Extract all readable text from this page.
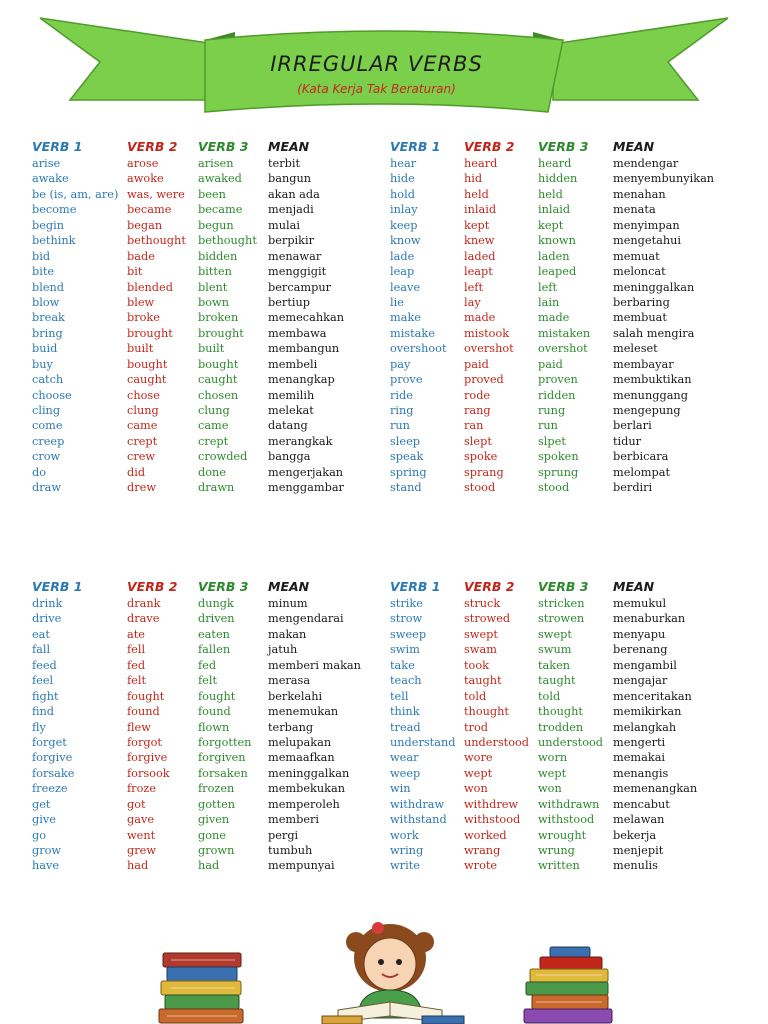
IRREGULAR VERBS
(Kata Kerja Tak Beraturan)
VERB 1
arise
awake
be (is, am, are)
become
begin
bethink
bid
bite
blend
blow
break
bring
buid
buy
catch
choose
cling
come
creep
crow
do
draw
VERB 2
arose
awoke
was, were
became
began
bethought
bade
bit
blended
blew
broke
brought
built
bought
caught
chose
clung
came
crept
crew
did
drew
VERB 3
arisen
awaked
been
became
begun
bethought
bidden
bitten
blent
bown
broken
brought
built
bought
caught
chosen
clung
came
crept
crowded
done
drawn
MEAN
terbit
bangun
akan ada
menjadi
mulai
berpikir
menawar
menggigit
bercampur
bertiup
memecahkan
membawa
membangun
membeli
menangkap
memilih
melekat
datang
merangkak
bangga
mengerjakan
menggambar
VERB 1
hear
hide
hold
inlay
keep
know
lade
leap
leave
lie
make
mistake
overshoot
pay
prove
ride
ring
run
sleep
speak
spring
stand
VERB 2
heard
hid
held
inlaid
kept
knew
laded
leapt
left
lay
made
mistook
overshot
paid
proved
rode
rang
ran
slept
spoke
sprang
stood
VERB 3
heard
hidden
held
inlaid
kept
known
laden
leaped
left
lain
made
mistaken
overshot
paid
proven
ridden
rung
run
slpet
spoken
sprung
stood
MEAN
mendengar
menyembunyikan
menahan
menata
menyimpan
mengetahui
memuat
meloncat
meninggalkan
berbaring
membuat
salah mengira
meleset
membayar
membuktikan
menunggang
mengepung
berlari
tidur
berbicara
melompat
berdiri
VERB 1
drink
drive
eat
fall
feed
feel
fight
find
fly
forget
forgive
forsake
freeze
get
give
go
grow
have
VERB 2
drank
drave
ate
fell
fed
felt
fought
found
flew
forgot
forgive
forsook
froze
got
gave
went
grew
had
VERB 3
dungk
driven
eaten
fallen
fed
felt
fought
found
flown
forgotten
forgiven
forsaken
frozen
gotten
given
gone
grown
had
MEAN
minum
mengendarai
makan
jatuh
memberi makan
merasa
berkelahi
menemukan
terbang
melupakan
memaafkan
meninggalkan
membekukan
memperoleh
memberi
pergi
tumbuh
mempunyai
VERB 1
strike
strow
sweep
swim
take
teach
tell
think
tread
understand
wear
weep
win
withdraw
withstand
work
wring
write
VERB 2
struck
strowed
swept
swam
took
taught
told
thought
trod
understood
wore
wept
won
withdrew
withstood
worked
wrang
wrote
VERB 3
stricken
strowen
swept
swum
taken
taught
told
thought
trodden
understood
worn
wept
won
withdrawn
withstood
wrought
wrung
written
MEAN
memukul
menaburkan
menyapu
berenang
mengambil
mengajar
menceritakan
memikirkan
melangkah
mengerti
memakai
menangis
memenangkan
mencabut
melawan
bekerja
menjepit
menulis
